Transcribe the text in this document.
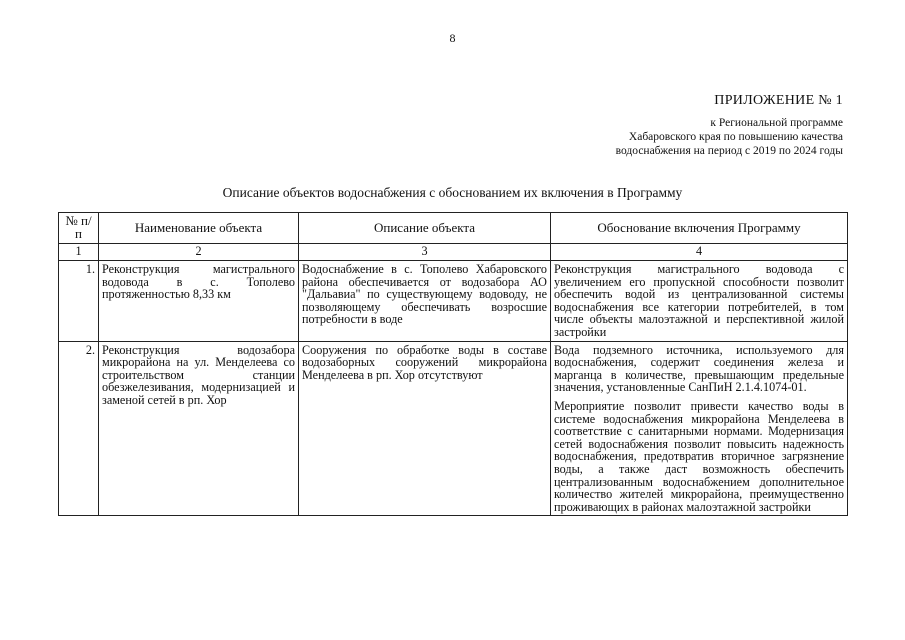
8
ПРИЛОЖЕНИЕ № 1
к Региональной программе
Хабаровского края по повышению качества
водоснабжения на период с 2019 по 2024 годы
Описание объектов водоснабжения с обоснованием их включения в Программу
№ п/п	Наименование объекта	Описание объекта	Обоснование включения Программу
1	2	3	4
1.	Реконструкция магистрального водовода в с. Тополево протяженностью 8,33 км	Водоснабжение в с. Тополево Хабаровского района обеспечивается от водозабора АО "Дальавиа" по существующему водоводу, не позволяющему обеспечивать возросшие потребности в воде	Реконструкция магистрального водовода с увеличением его пропускной способности позволит обеспечить водой из централизованной системы водоснабжения все категории потребителей, в том числе объекты малоэтажной и перспективной жилой застройки

2.	Реконструкция водозабора микрорайона на ул. Менделеева со строительством станции обезжелезивания, модернизацией и заменой сетей в рп. Хор	Сооружения по обработке воды в составе водозаборных сооружений микрорайона Менделеева в рп. Хор отсутствуют	Вода подземного источника, используемого для водоснабжения, содержит соединения железа и марганца в количестве, превышающим предельные значения, установленные СанПиН 2.1.4.1074-01.
Мероприятие позволит привести качество воды в системе водоснабжения микрорайона Менделеева в соответствие с санитарными нормами. Модернизация сетей водоснабжения позволит повысить надежность водоснабжения, предотвратив вторичное загрязнение воды, а также даст возможность обеспечить централизованным водоснабжением дополнительное количество жителей микрорайона, преимущественно проживающих в районах малоэтажной застройки
